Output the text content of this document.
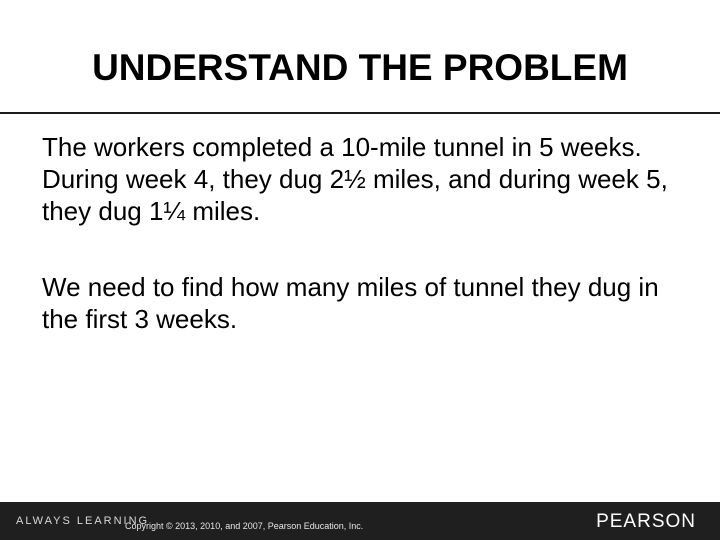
UNDERSTAND THE PROBLEM

The workers completed a 10-mile tunnel in 5 weeks. During week 4, they dug 2½ miles, and during week 5, they dug 1¼ miles.

We need to find how many miles of tunnel they dug in the first 3 weeks.

ALWAYS LEARNING
Copyright © 2013, 2010, and 2007, Pearson Education, Inc.	PEARSON
